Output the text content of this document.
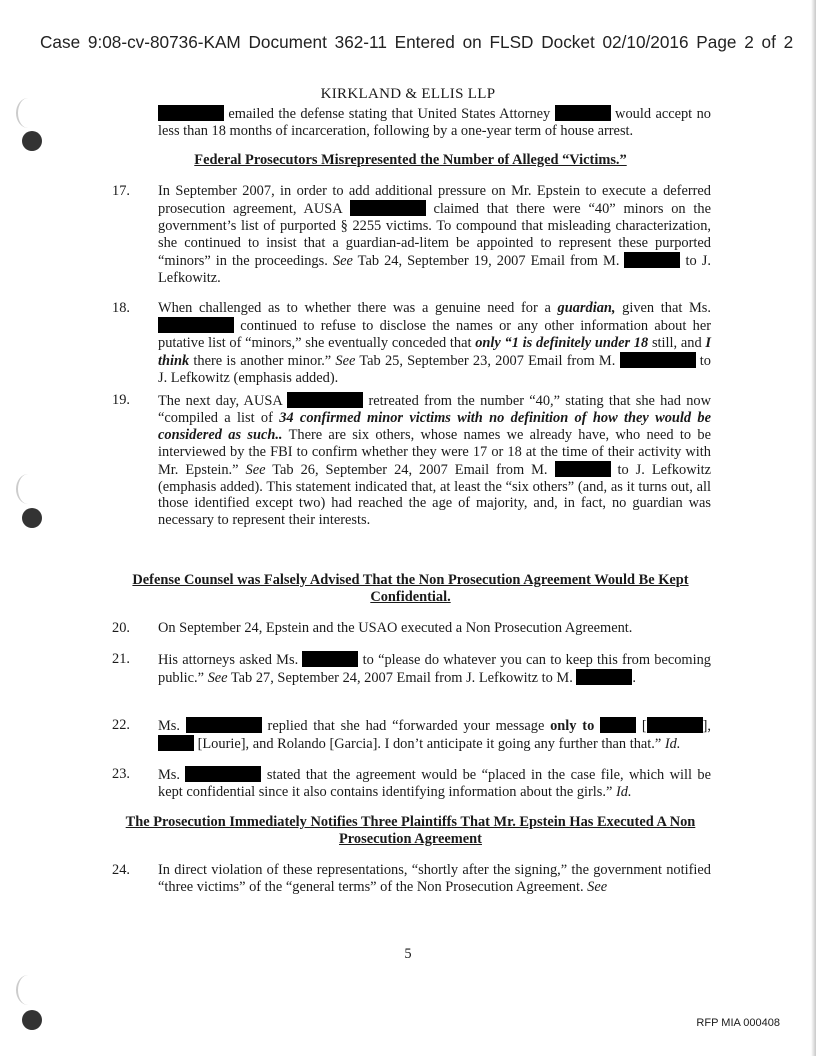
Case 9:08-cv-80736-KAM Document 362-11 Entered on FLSD Docket 02/10/2016 Page 2 of 2
KIRKLAND & ELLIS LLP
emailed the defense stating that United States Attorney	would accept no less than 18 months of incarceration, following by a one-year term of house arrest.
Federal Prosecutors Misrepresented the Number of Alleged “Victims.”
17. In September 2007, in order to add additional pressure on Mr. Epstein to execute a deferred prosecution agreement, AUSA	claimed that there were “40” minors on the government’s list of purported § 2255 victims. To compound that misleading characterization, she continued to insist that a guardian-ad-litem be appointed to represent these purported “minors” in the proceedings. See Tab 24, September 19, 2007 Email from M.	to J. Lefkowitz.
18. When challenged as to whether there was a genuine need for a guardian, given that Ms.  continued to refuse to disclose the names or any other information about her putative list of “minors,” she eventually conceded that only “1 is definitely under 18 still, and I think there is another minor.” See Tab 25, September 23, 2007 Email from M.	to J. Lefkowitz (emphasis added).
19. The next day, AUSA	retreated from the number “40,” stating that she had now “compiled a list of 34 confirmed minor victims with no definition of how they would be considered as such.. There are six others, whose names we already have, who need to be interviewed by the FBI to confirm whether they were 17 or 18 at the time of their activity with Mr. Epstein.” See Tab 26, September 24, 2007 Email from M.	to J. Lefkowitz (emphasis added). This statement indicated that, at least the “six others” (and, as it turns out, all those identified except two) had reached the age of majority, and, in fact, no guardian was necessary to represent their interests.
Defense Counsel was Falsely Advised That the Non Prosecution Agreement Would Be Kept Confidential.
20. On September 24, Epstein and the USAO executed a Non Prosecution Agreement.
21. His attorneys asked Ms.	to “please do whatever you can to keep this from becoming public.” See Tab 27, September 24, 2007 Email from J. Lefkowitz to M.	.
22. Ms.	replied that she had “forwarded your message only to	[	],  [Lourie], and Rolando [Garcia]. I don’t anticipate it going any further than that.” Id.
23. Ms.	stated that the agreement would be “placed in the case file, which will be kept confidential since it also contains identifying information about the girls.” Id.
The Prosecution Immediately Notifies Three Plaintiffs That Mr. Epstein Has Executed A Non Prosecution Agreement
24. In direct violation of these representations, “shortly after the signing,” the government notified “three victims” of the “general terms” of the Non Prosecution Agreement. See
5
RFP MIA 000408
